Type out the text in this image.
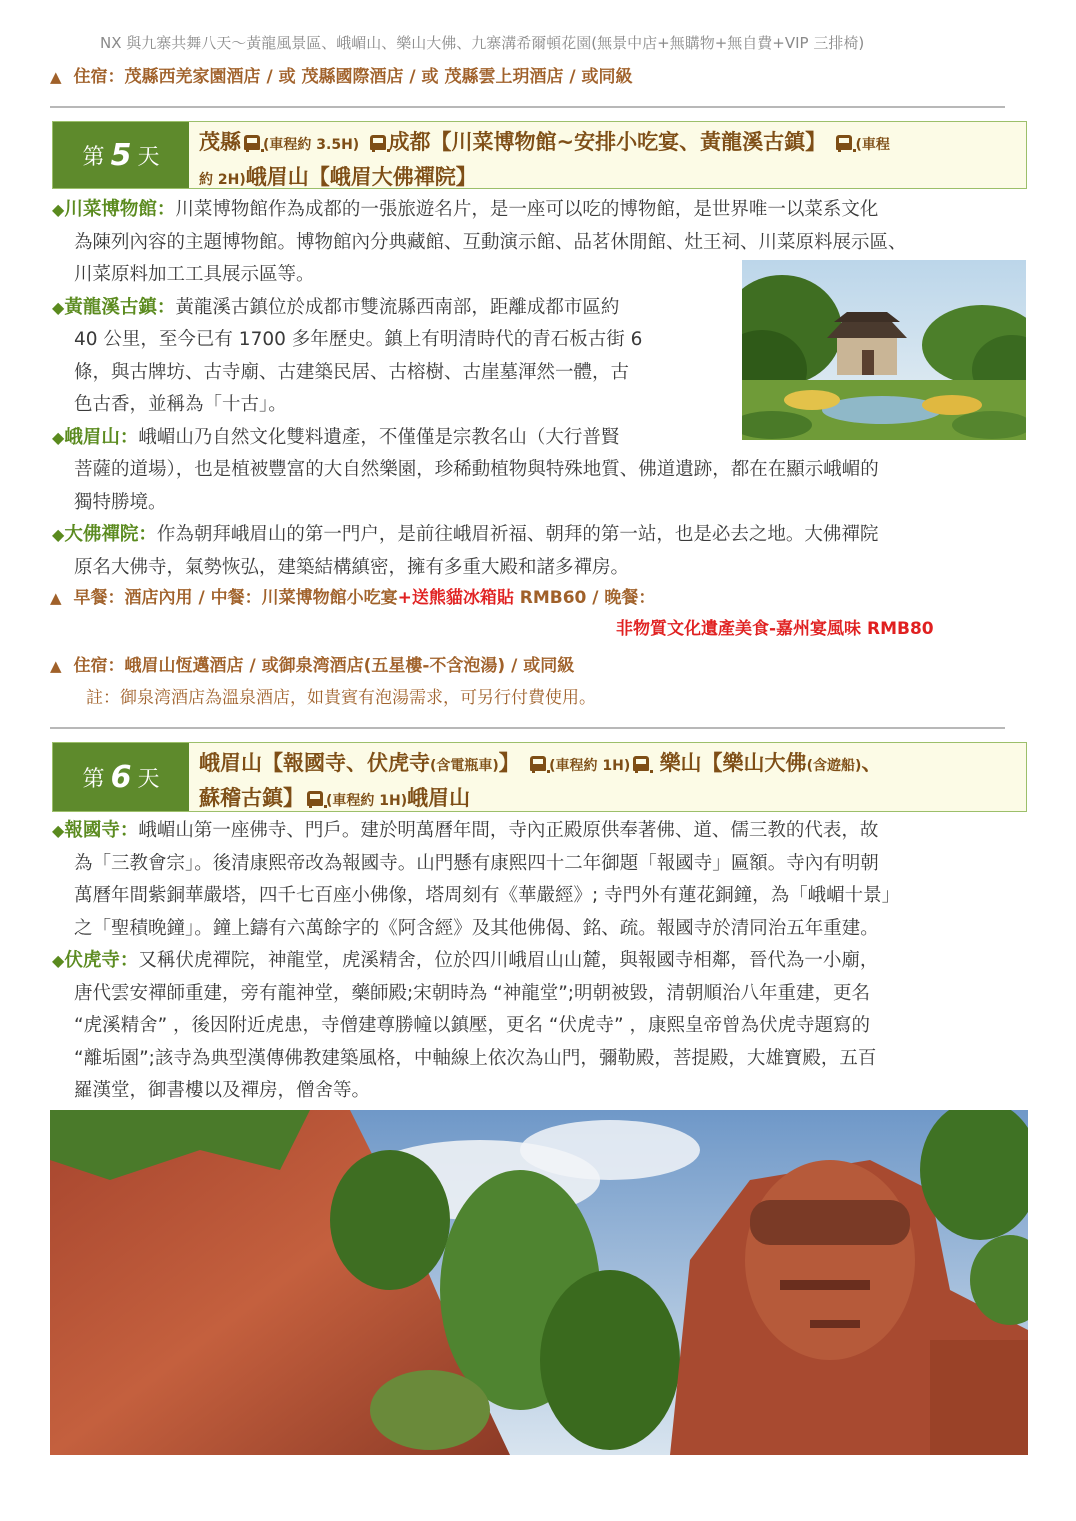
NX 與九寨共舞八天～黃龍風景區、峨嵋山、樂山大佛、九寨溝希爾頓花園(無景中店+無購物+無自費+VIP 三排椅)
▲ 住宿：茂縣西羌家園酒店 / 或 茂縣國際酒店 / 或 茂縣雲上玥酒店 / 或同級
第 5 天
茂縣 (車程約 3.5H) 成都【川菜博物館~安排小吃宴、黃龍溪古鎮】 (車程
約 2H)峨眉山【峨眉大佛禪院】
◆川菜博物館：川菜博物館作為成都的一張旅遊名片，是一座可以吃的博物館，是世界唯一以菜系文化
為陳列內容的主題博物館。博物館內分典藏館、互動演示館、品茗休閒館、灶王祠、川菜原料展示區、
川菜原料加工工具展示區等。
◆黃龍溪古鎮：黃龍溪古鎮位於成都市雙流縣西南部，距離成都市區約
40 公里，至今已有 1700 多年歷史。鎮上有明清時代的青石板古街 6
條，與古牌坊、古寺廟、古建築民居、古榕樹、古崖墓渾然一體，古
色古香，並稱為「十古」。
◆峨眉山：峨嵋山乃自然文化雙料遺產，不僅僅是宗教名山（大行普賢
菩薩的道場），也是植被豐富的大自然樂園，珍稀動植物與特殊地質、佛道遺跡，都在在顯示峨嵋的
獨特勝境。
◆大佛禪院：作為朝拜峨眉山的第一門户，是前往峨眉祈福、朝拜的第一站，也是必去之地。大佛禪院
原名大佛寺，氣勢恢弘，建築結構縝密，擁有多重大殿和諸多禪房。
▲ 早餐：酒店內用 / 中餐：川菜博物館小吃宴+送熊貓冰箱貼 RMB60 / 晚餐：
非物質文化遺產美食-嘉州宴風味 RMB80
▲ 住宿：峨眉山恆邁酒店 / 或御泉湾酒店(五星樓-不含泡湯) / 或同級
註：御泉湾酒店為溫泉酒店，如貴賓有泡湯需求，可另行付費使用。
第 6 天
峨眉山【報國寺、伏虎寺(含電瓶車)】 (車程約 1H) 樂山【樂山大佛(含遊船)、
蘇稽古鎮】 (車程約 1H)峨眉山
◆報國寺：峨嵋山第一座佛寺、門戶。建於明萬曆年間，寺內正殿原供奉著佛、道、儒三教的代表，故
為「三教會宗」。後清康熙帝改為報國寺。山門懸有康熙四十二年御題「報國寺」匾額。寺內有明朝
萬曆年間紫銅華嚴塔，四千七百座小佛像，塔周刻有《華嚴經》; 寺門外有蓮花銅鐘，為「峨嵋十景」
之「聖積晚鐘」。鐘上鑄有六萬餘字的《阿含經》及其他佛偈、銘、疏。報國寺於清同治五年重建。
◆伏虎寺：又稱伏虎禪院，神龍堂，虎溪精舍，位於四川峨眉山山麓，與報國寺相鄰，晉代為一小廟，
唐代雲安禪師重建，旁有龍神堂，藥師殿;宋朝時為 “神龍堂”;明朝被毀，清朝順治八年重建，更名
“虎溪精舍” ，後因附近虎患，寺僧建尊勝幢以鎮壓，更名 “伏虎寺” ，康熙皇帝曾為伏虎寺題寫的
“離垢園”;該寺為典型漢傳佛教建築風格，中軸線上依次為山門，彌勒殿，菩提殿，大雄寶殿，五百
羅漢堂，御書樓以及禪房，僧舍等。
